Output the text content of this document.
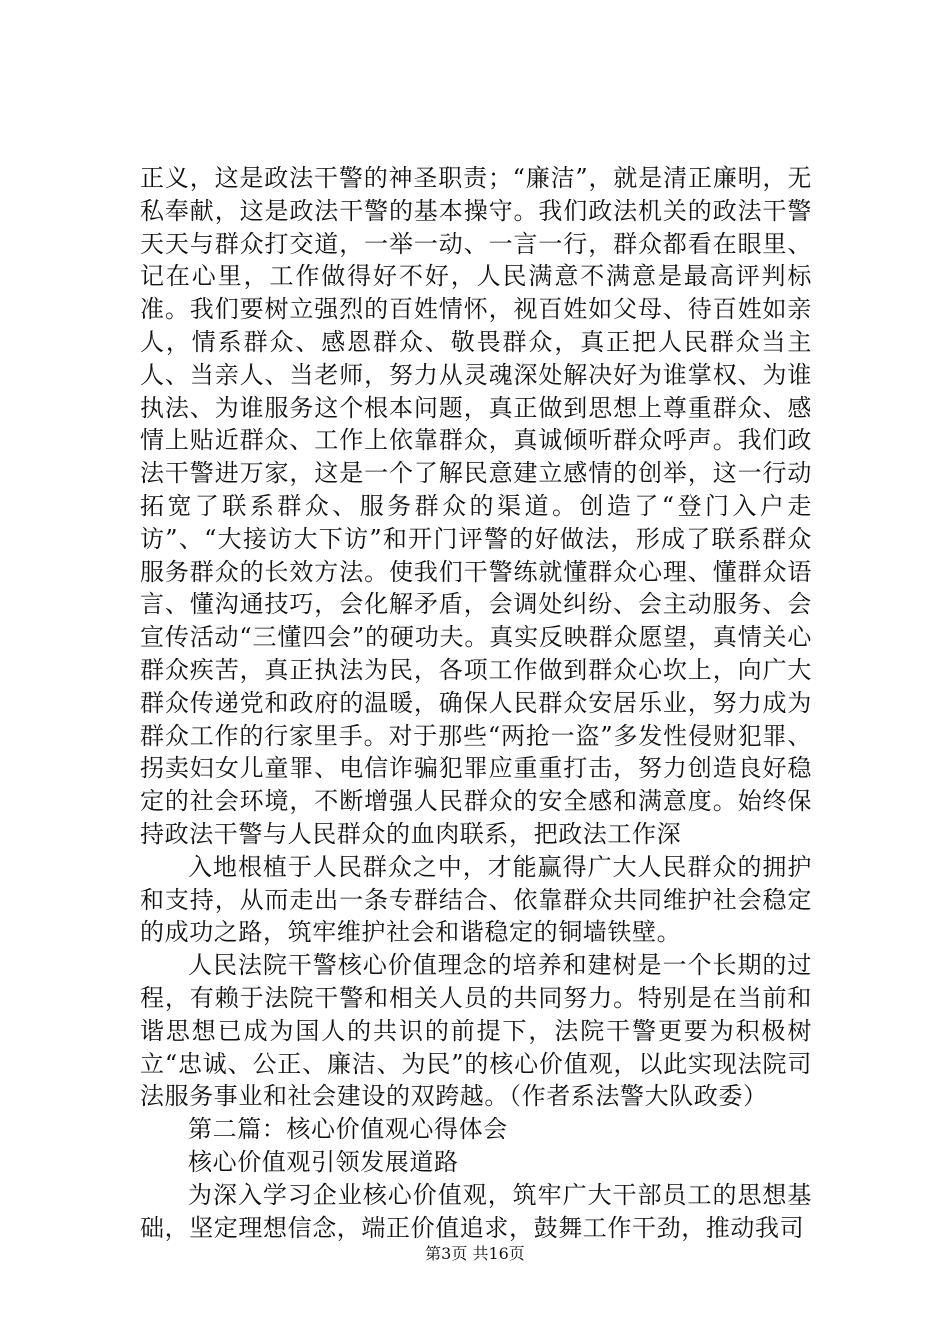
正义，这是政法干警的神圣职责；“廉洁”，就是清正廉明，无私奉献，这是政法干警的基本操守。我们政法机关的政法干警天天与群众打交道，一举一动、一言一行，群众都看在眼里、记在心里，工作做得好不好，人民满意不满意是最高评判标准。我们要树立强烈的百姓情怀，视百姓如父母、待百姓如亲人，情系群众、感恩群众、敬畏群众，真正把人民群众当主人、当亲人、当老师，努力从灵魂深处解决好为谁掌权、为谁执法、为谁服务这个根本问题，真正做到思想上尊重群众、感情上贴近群众、工作上依靠群众，真诚倾听群众呼声。我们政法干警进万家，这是一个了解民意建立感情的创举，这一行动拓宽了联系群众、服务群众的渠道。创造了“登门入户走访”、“大接访大下访”和开门评警的好做法，形成了联系群众服务群众的长效方法。使我们干警练就懂群众心理、懂群众语言、懂沟通技巧，会化解矛盾，会调处纠纷、会主动服务、会宣传活动“三懂四会”的硬功夫。真实反映群众愿望，真情关心群众疾苦，真正执法为民，各项工作做到群众心坎上，向广大群众传递党和政府的温暖，确保人民群众安居乐业，努力成为群众工作的行家里手。对于那些“两抢一盗”多发性侵财犯罪、拐卖妇女儿童罪、电信诈骗犯罪应重重打击，努力创造良好稳定的社会环境，不断增强人民群众的安全感和满意度。始终保持政法干警与人民群众的血肉联系，把政法工作深

入地根植于人民群众之中，才能赢得广大人民群众的拥护和支持，从而走出一条专群结合、依靠群众共同维护社会稳定的成功之路，筑牢维护社会和谐稳定的铜墙铁壁。

人民法院干警核心价值理念的培养和建树是一个长期的过程，有赖于法院干警和相关人员的共同努力。特别是在当前和谐思想已成为国人的共识的前提下，法院干警更要为积极树立“忠诚、公正、廉洁、为民”的核心价值观，以此实现法院司法服务事业和社会建设的双跨越。（作者系法警大队政委）

第二篇：核心价值观心得体会

核心价值观引领发展道路

为深入学习企业核心价值观，筑牢广大干部员工的思想基础，坚定理想信念，端正价值追求，鼓舞工作干劲，推动我司

第3页 共16页
